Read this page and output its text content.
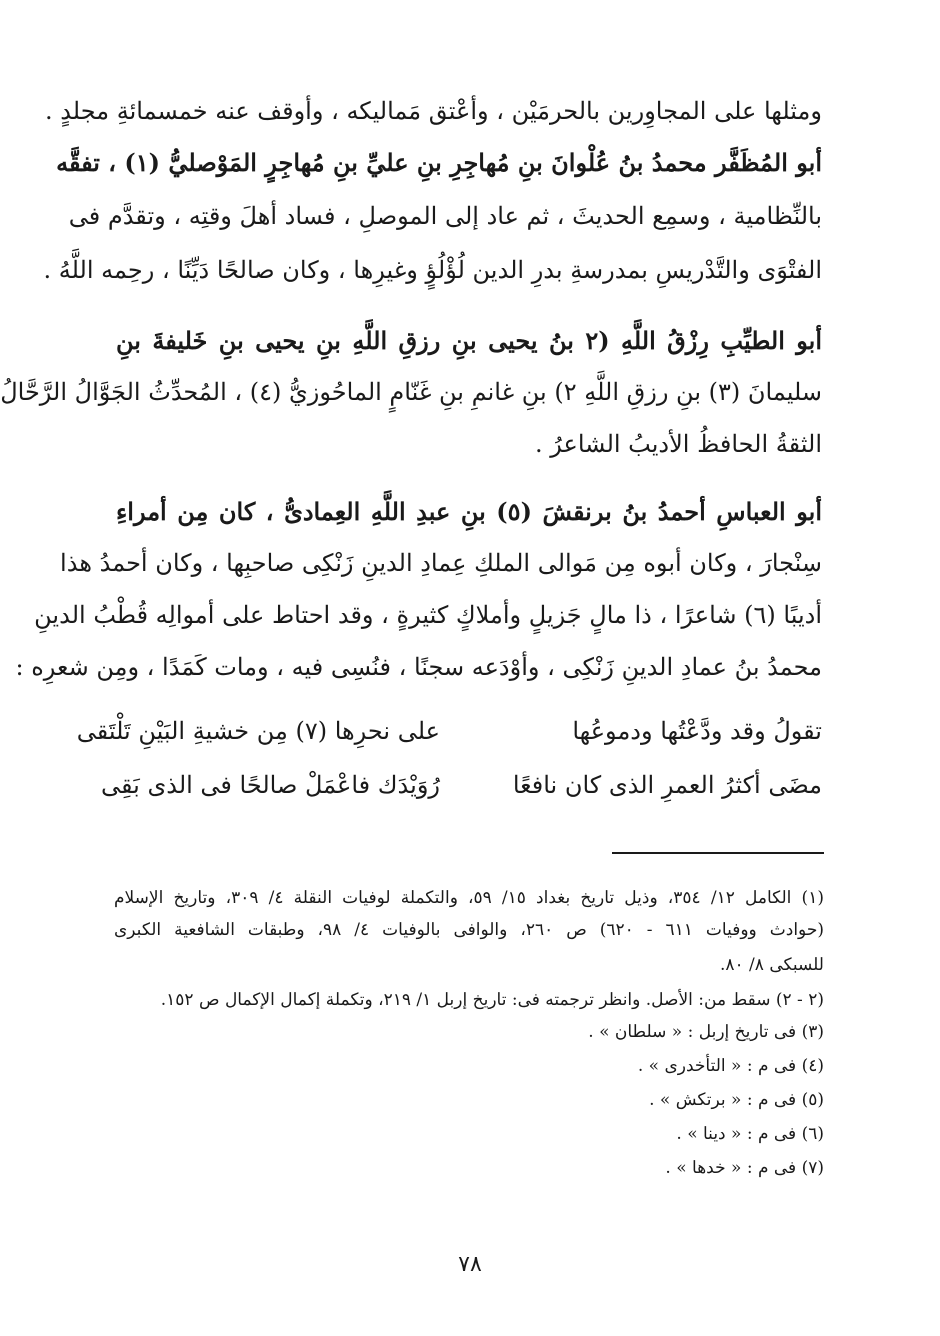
ومثلها على المجاوِرين بالحرمَيْن ، وأعْتق مَماليكه ، وأوقف عنه خمسمائةِ مجلدٍ .
أبو المُظَفَّر محمدُ بنُ عُلْوانَ بنِ مُهاجِرِ بنِ عليِّ بنِ مُهاجِرٍ المَوْصليُّ (١) ، تفقَّه
بالنِّظامية ، وسمِع الحديثَ ، ثم عاد إلى الموصلِ ، فساد أهلَ وقتِه ، وتقدَّم فى
الفتْوَى والتَّدْريسِ بمدرسةِ بدرِ الدين لُؤْلُؤٍ وغيرِها ، وكان صالحًا دَيِّنًا ، رحِمه اللَّهُ .
أبو الطيِّبِ رِزْقُ اللَّهِ (٢ بنُ يحيى بنِ رزقِ اللَّهِ بنِ يحيى بنِ خَليفةَ بنِ
سليمانَ (٣) بنِ رزقِ اللَّهِ ٢) بنِ غانمِ بنِ غَنّامٍ الماحُوزيُّ (٤) ، المُحدِّثُ الجَوَّالُ الرَّحَّالُ
الثقةُ الحافظُ الأديبُ الشاعرُ .
أبو العباسِ أحمدُ بنُ برنقشَ (٥) بنِ عبدِ اللَّهِ العِمادىُّ ، كان مِن أمراءِ
سِنْجارَ ، وكان أبوه مِن مَوالى الملكِ عِمادِ الدينِ زَنْكِى صاحبِها ، وكان أحمدُ هذا
أديبًا (٦) شاعرًا ، ذا مالٍ جَزيلٍ وأملاكٍ كثيرةٍ ، وقد احتاط على أموالِه قُطْبُ الدينِ
محمدُ بنُ عمادِ الدينِ زَنْكِى ، وأوْدَعه سجنًا ، فنُسِى فيه ، ومات كَمَدًا ، ومِن شعرِه :
تقولُ وقد ودَّعْتُها ودموعُها
على نحرِها (٧) مِن خشيةِ البَيْنِ تَلْتَقى
مضَى أكثرُ العمرِ الذى كان نافعًا
رُوَيْدَك فاعْمَلْ صالحًا فى الذى بَقِى
(١) الكامل ١٢/ ٣٥٤، وذيل تاريخ بغداد ١٥/ ٥٩، والتكملة لوفيات النقلة ٤/ ٣٠٩، وتاريخ الإسلام
(حوادث ووفيات ٦١١ - ٦٢٠) ص ٢٦٠، والوافى بالوفيات ٤/ ٩٨، وطبقات الشافعية الكبرى
للسبكى ٨/ ٨٠.
(٢ - ٢) سقط من: الأصل. وانظر ترجمته فى: تاريخ إربل ١/ ٢١٩، وتكملة إكمال الإكمال ص ١٥٢.
(٣) فى تاريخ إربل : « سلطان » .
(٤) فى م : « التأخدرى » .
(٥) فى م : « برتكش » .
(٦) فى م : « دينا » .
(٧) فى م : « خدها » .
٧٨
